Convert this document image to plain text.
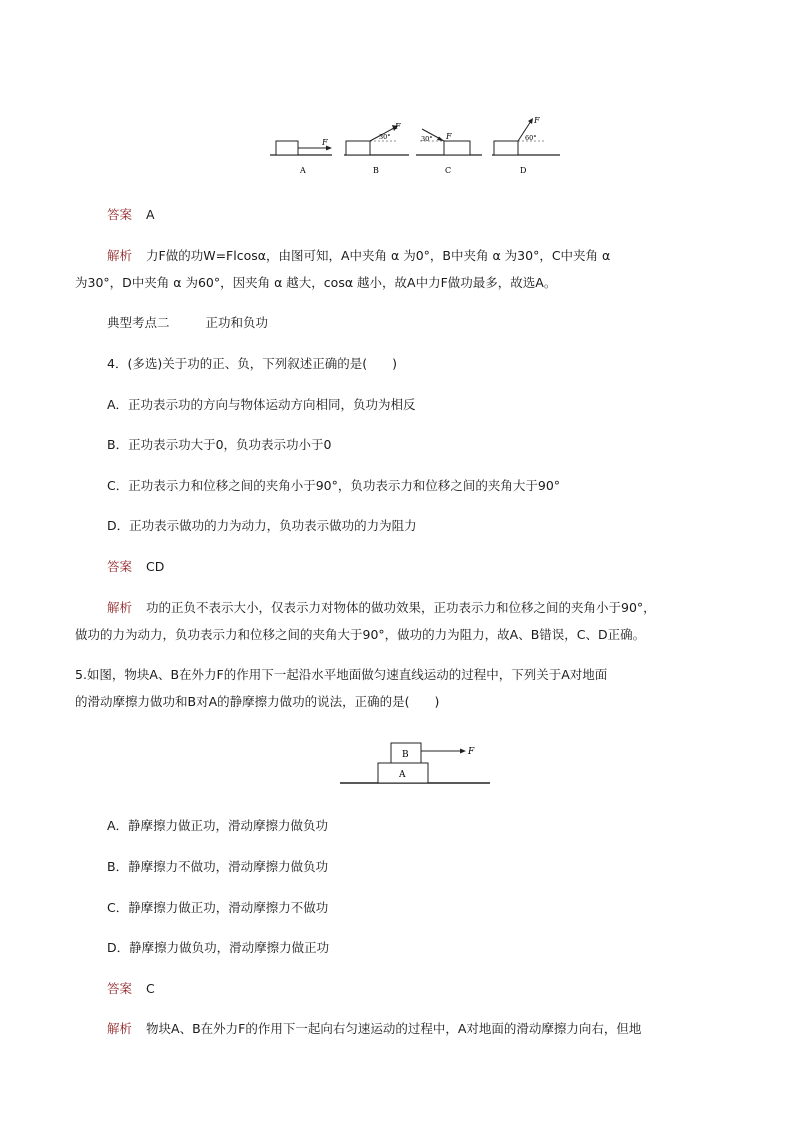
F
A
F
30°
B
F
30°
C
F
60°
D
答案 A
解析 力F做的功W=Flcosα，由图可知，A中夹角 α 为0°，B中夹角 α 为30°，C中夹角 α
为30°，D中夹角 α 为60°，因夹角 α 越大，cosα 越小，故A中力F做功最多，故选A。
典型考点二	正功和负功
4．(多选)关于功的正、负，下列叙述正确的是(　　)
A．正功表示功的方向与物体运动方向相同，负功为相反
B．正功表示功大于0，负功表示功小于0
C．正功表示力和位移之间的夹角小于90°，负功表示力和位移之间的夹角大于90°
D．正功表示做功的力为动力，负功表示做功的力为阻力
答案 CD
解析 功的正负不表示大小，仅表示力对物体的做功效果，正功表示力和位移之间的夹角小于90°，
做功的力为动力，负功表示力和位移之间的夹角大于90°，做功的力为阻力，故A、B错误，C、D正确。
5.如图，物块A、B在外力F的作用下一起沿水平地面做匀速直线运动的过程中，下列关于A对地面
的滑动摩擦力做功和B对A的静摩擦力做功的说法，正确的是(　　)
A
B	F
A．静摩擦力做正功，滑动摩擦力做负功
B．静摩擦力不做功，滑动摩擦力做负功
C．静摩擦力做正功，滑动摩擦力不做功
D．静摩擦力做负功，滑动摩擦力做正功
答案 C
解析 物块A、B在外力F的作用下一起向右匀速运动的过程中，A对地面的滑动摩擦力向右，但地
